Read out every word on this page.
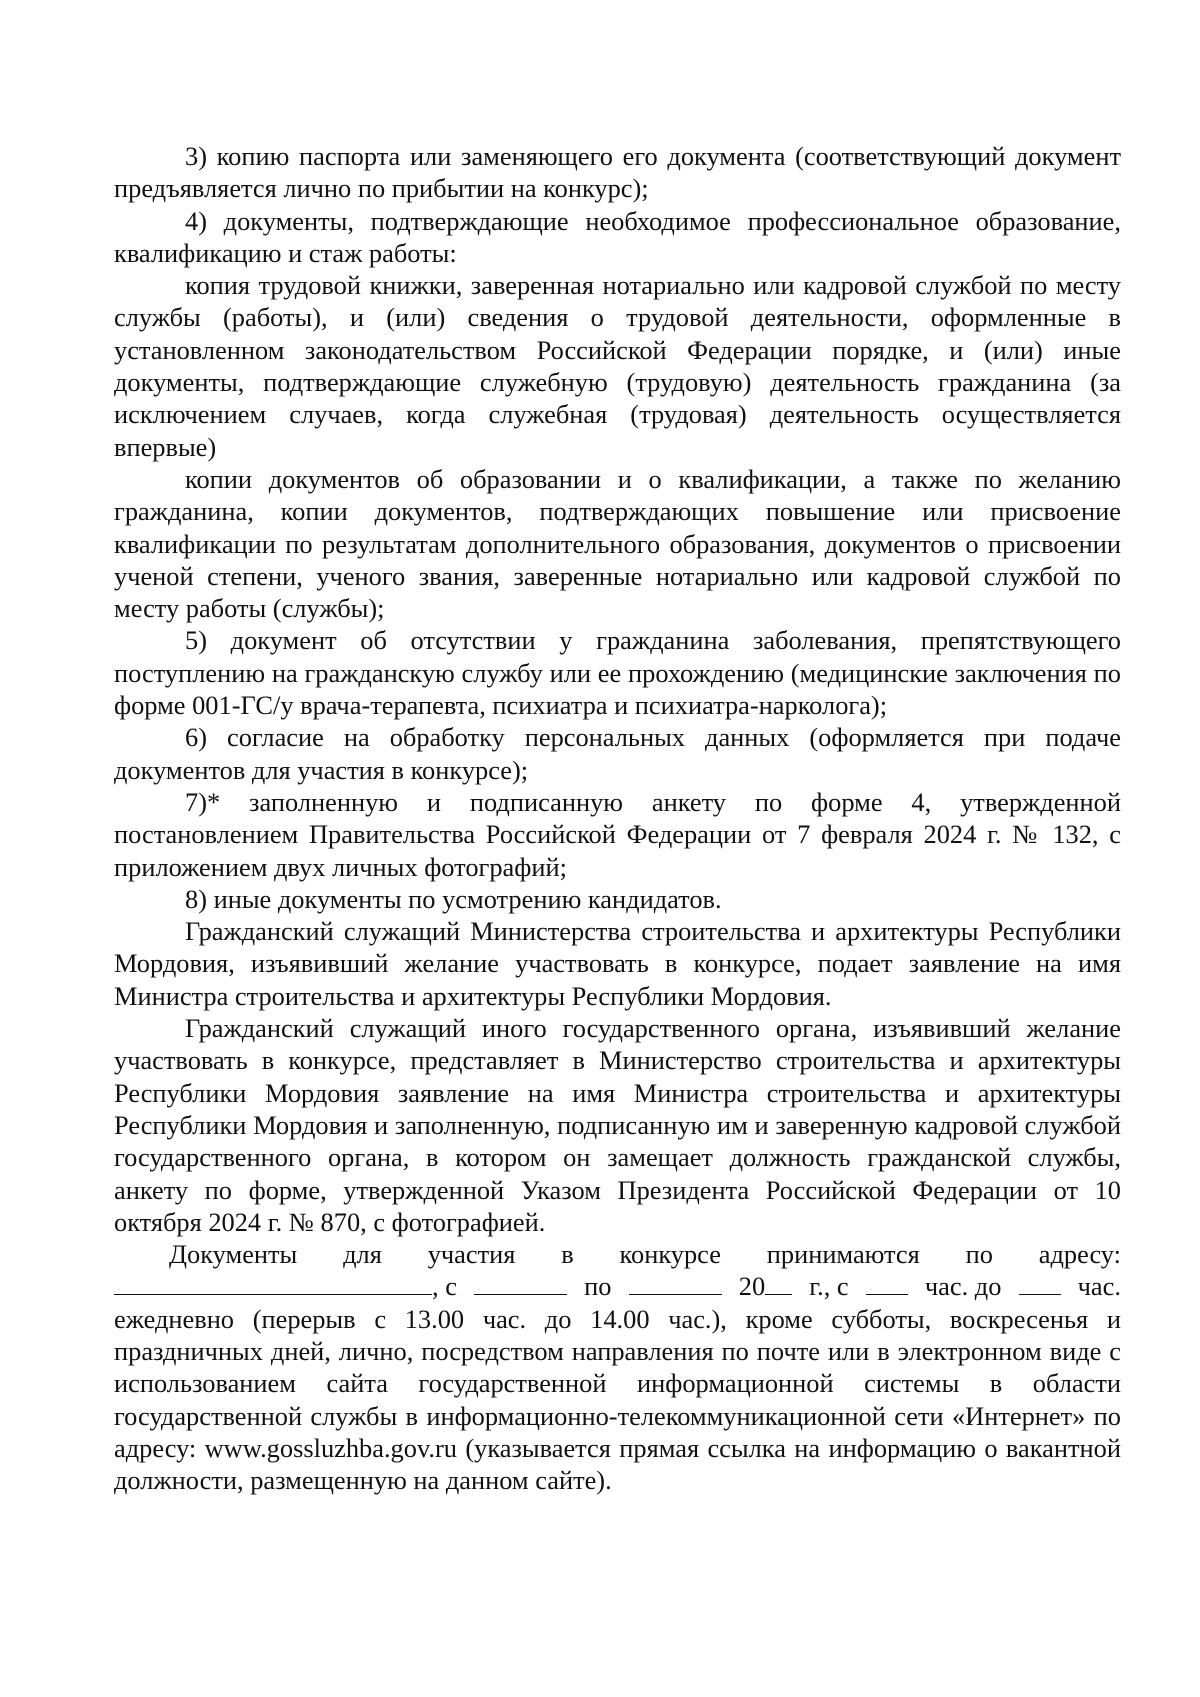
3) копию паспорта или заменяющего его документа (соответствующий документ предъявляется лично по прибытии на конкурс);

4) документы, подтверждающие необходимое профессиональное образование, квалификацию и стаж работы:

копия трудовой книжки, заверенная нотариально или кадровой службой по месту службы (работы), и (или) сведения о трудовой деятельности, оформленные в установленном законодательством Российской Федерации порядке, и (или) иные документы, подтверждающие служебную (трудовую) деятельность гражданина (за исключением случаев, когда служебная (трудовая) деятельность осуществляется впервые)

копии документов об образовании и о квалификации, а также по желанию гражданина, копии документов, подтверждающих повышение или присвоение квалификации по результатам дополнительного образования, документов о присвоении ученой степени, ученого звания, заверенные нотариально или кадровой службой по месту работы (службы);

5) документ об отсутствии у гражданина заболевания, препятствующего поступлению на гражданскую службу или ее прохождению (медицинские заключения по форме 001-ГС/у врача-терапевта, психиатра и психиатра-нарколога);

6) согласие на обработку персональных данных (оформляется при подаче документов для участия в конкурсе);

7)* заполненную и подписанную анкету по форме 4, утвержденной постановлением Правительства Российской Федерации от 7 февраля 2024 г. № 132, с приложением двух личных фотографий;

8) иные документы по усмотрению кандидатов.

Гражданский служащий Министерства строительства и архитектуры Республики Мордовия, изъявивший желание участвовать в конкурсе, подает заявление на имя Министра строительства и архитектуры Республики Мордовия.

Гражданский служащий иного государственного органа, изъявивший желание участвовать в конкурсе, представляет в Министерство строительства и архитектуры Республики Мордовия заявление на имя Министра строительства и архитектуры Республики Мордовия и заполненную, подписанную им и заверенную кадровой службой государственного органа, в котором он замещает должность гражданской службы, анкету по форме, утвержденной Указом Президента Российской Федерации от 10 октября 2024 г. № 870, с фотографией.

Документы для участия в конкурсе принимаются по адресу:

, с	по	20	г., с	час. до	час.

ежедневно (перерыв с 13.00 час. до 14.00 час.), кроме субботы, воскресенья и праздничных дней, лично, посредством направления по почте или в электронном виде с использованием сайта государственной информационной системы в области государственной службы в информационно-телекоммуникационной сети «Интернет» по адресу: www.gossluzhba.gov.ru (указывается прямая ссылка на информацию о вакантной должности, размещенную на данном сайте).
